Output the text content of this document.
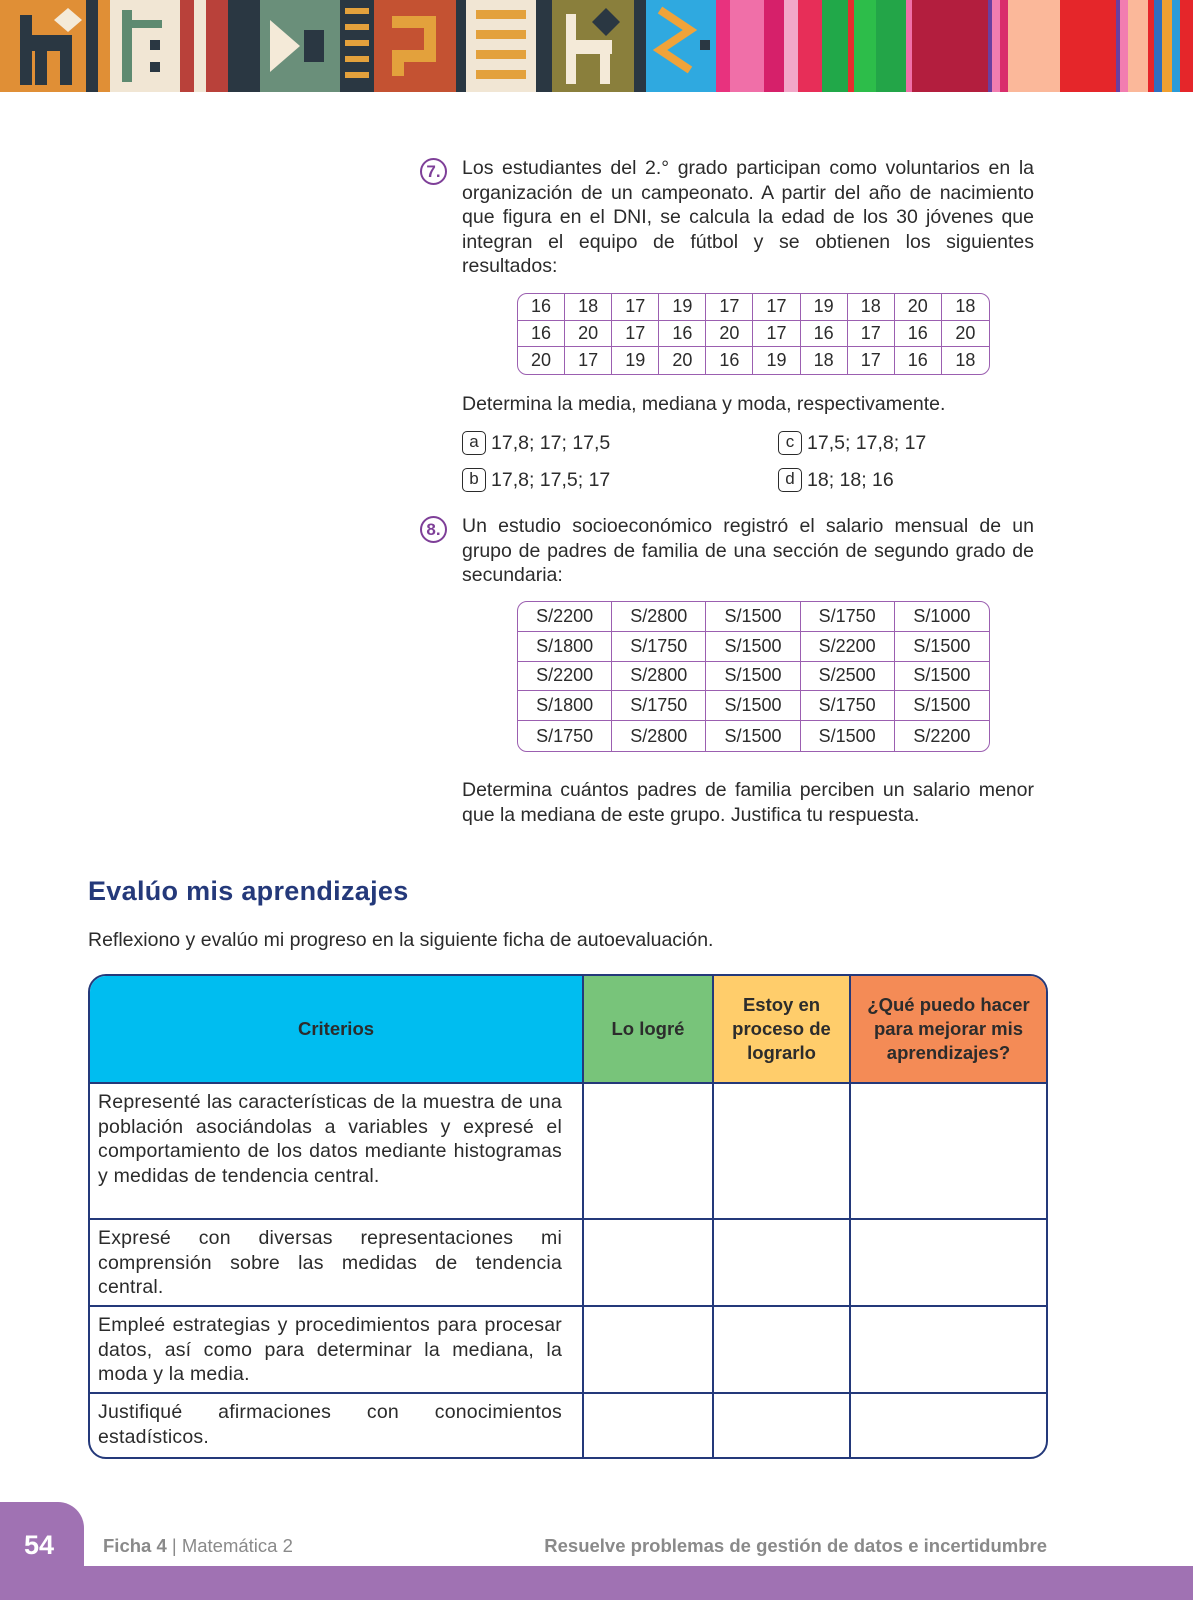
7.	Los estudiantes del 2.° grado participan como voluntarios en la organización de un campeonato. A partir del año de nacimiento que figura en el DNI, se calcula la edad de los 30 jóvenes que integran el equipo de fútbol y se obtienen los siguientes resultados:

16	18	17	19	17	17	19	18	20	18
16	20	17	16	20	17	16	17	16	20
20	17	19	20	16	19	18	17	16	18

Determina la media, mediana y moda, respectivamente.

a 17,8; 17; 17,5
b 17,8; 17,5; 17
c 17,5; 17,8; 17
d 18; 18; 16
8.	Un estudio socioeconómico registró el salario mensual de un grupo de padres de familia de una sección de segundo grado de secundaria:

S/2200	S/2800	S/1500	S/1750	S/1000
S/1800	S/1750	S/1500	S/2200	S/1500
S/2200	S/2800	S/1500	S/2500	S/1500
S/1800	S/1750	S/1500	S/1750	S/1500
S/1750	S/2800	S/1500	S/1500	S/2200

Determina cuántos padres de familia perciben un salario menor que la mediana de este grupo. Justifica tu respuesta.

Evalúo mis aprendizajes

Reflexiono y evalúo mi progreso en la siguiente ficha de autoevaluación.

Criterios	Lo logré	Estoy en proceso de lograrlo	¿Qué puedo hacer para mejorar mis aprendizajes?
Representé las características de la muestra de una población asociándolas a variables y expresé el comportamiento de los datos mediante histogramas y medidas de tendencia central.			
Expresé con diversas representaciones mi comprensión sobre las medidas de tendencia central.			
Empleé estrategias y procedimientos para procesar datos, así como para determinar la mediana, la moda y la media.			
Justifiqué afirmaciones con conocimientos estadísticos.			
54	Ficha 4 | Matemática 2	Resuelve problemas de gestión de datos e incertidumbre
